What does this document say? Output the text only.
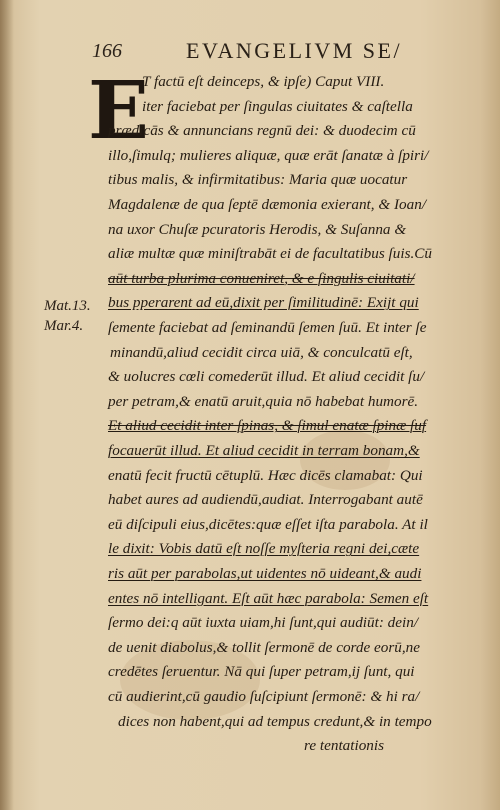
166	EVANGELIVM SE/
E
Mat.13.
Mar.4.
T factū eſt deinceps, & ipſe) Caput VIII.
iter faciebat per ſingulas ciuitates & caſtella
prædicās & annuncians regnū dei: & duodecim cū
illo,ſimulq; mulieres aliquæ, quæ erāt ſanatæ à ſpiri/
tibus malis, & infirmitatibus: Maria quæ uocatur
Magdalenæ de qua ſeptē dæmonia exierant, & Ioan/
na uxor Chuſæ pcuratoris Herodis, & Suſanna &
aliæ multæ quæ miniſtrabāt ei de facultatibus ſuis.Cū
aūt turba plurima conueniret, & e ſingulis ciuitati/
bus pperarent ad eū,dixit per ſimilitudinē: Exijt qui
ſemente faciebat ad ſeminandū ſemen ſuū. Et inter ſe
minandū,aliud cecidit circa uiā, & conculcatū eſt,
& uolucres cœli comederūt illud. Et aliud cecidit ſu/
per petram,& enatū aruit,quia nō habebat humorē.
Et aliud cecidit inter ſpinas, & ſimul enatæ ſpinæ ſuf
focauerūt illud. Et aliud cecidit in terram bonam,&
enatū fecit fructū cētuplū. Hæc dicēs clamabat: Qui
habet aures ad audiendū,audiat. Interrogabant autē
eū diſcipuli eius,dicētes:quæ eſſet iſta parabola. At il
le dixit: Vobis datū eſt noſſe myſteria regni dei,cæte
ris aūt per parabolas,ut uidentes nō uideant,& audi
entes nō intelligant. Eſt aūt hæc parabola: Semen eſt
ſermo dei:q aūt iuxta uiam,hi ſunt,qui audiūt: dein/
de uenit diabolus,& tollit ſermonē de corde eorū,ne
credētes ſeruentur. Nā qui ſuper petram,ij ſunt, qui
cū audierint,cū gaudio ſuſcipiunt ſermonē: & hi ra/
dices non habent,qui ad tempus credunt,& in tempo
re tentationis
